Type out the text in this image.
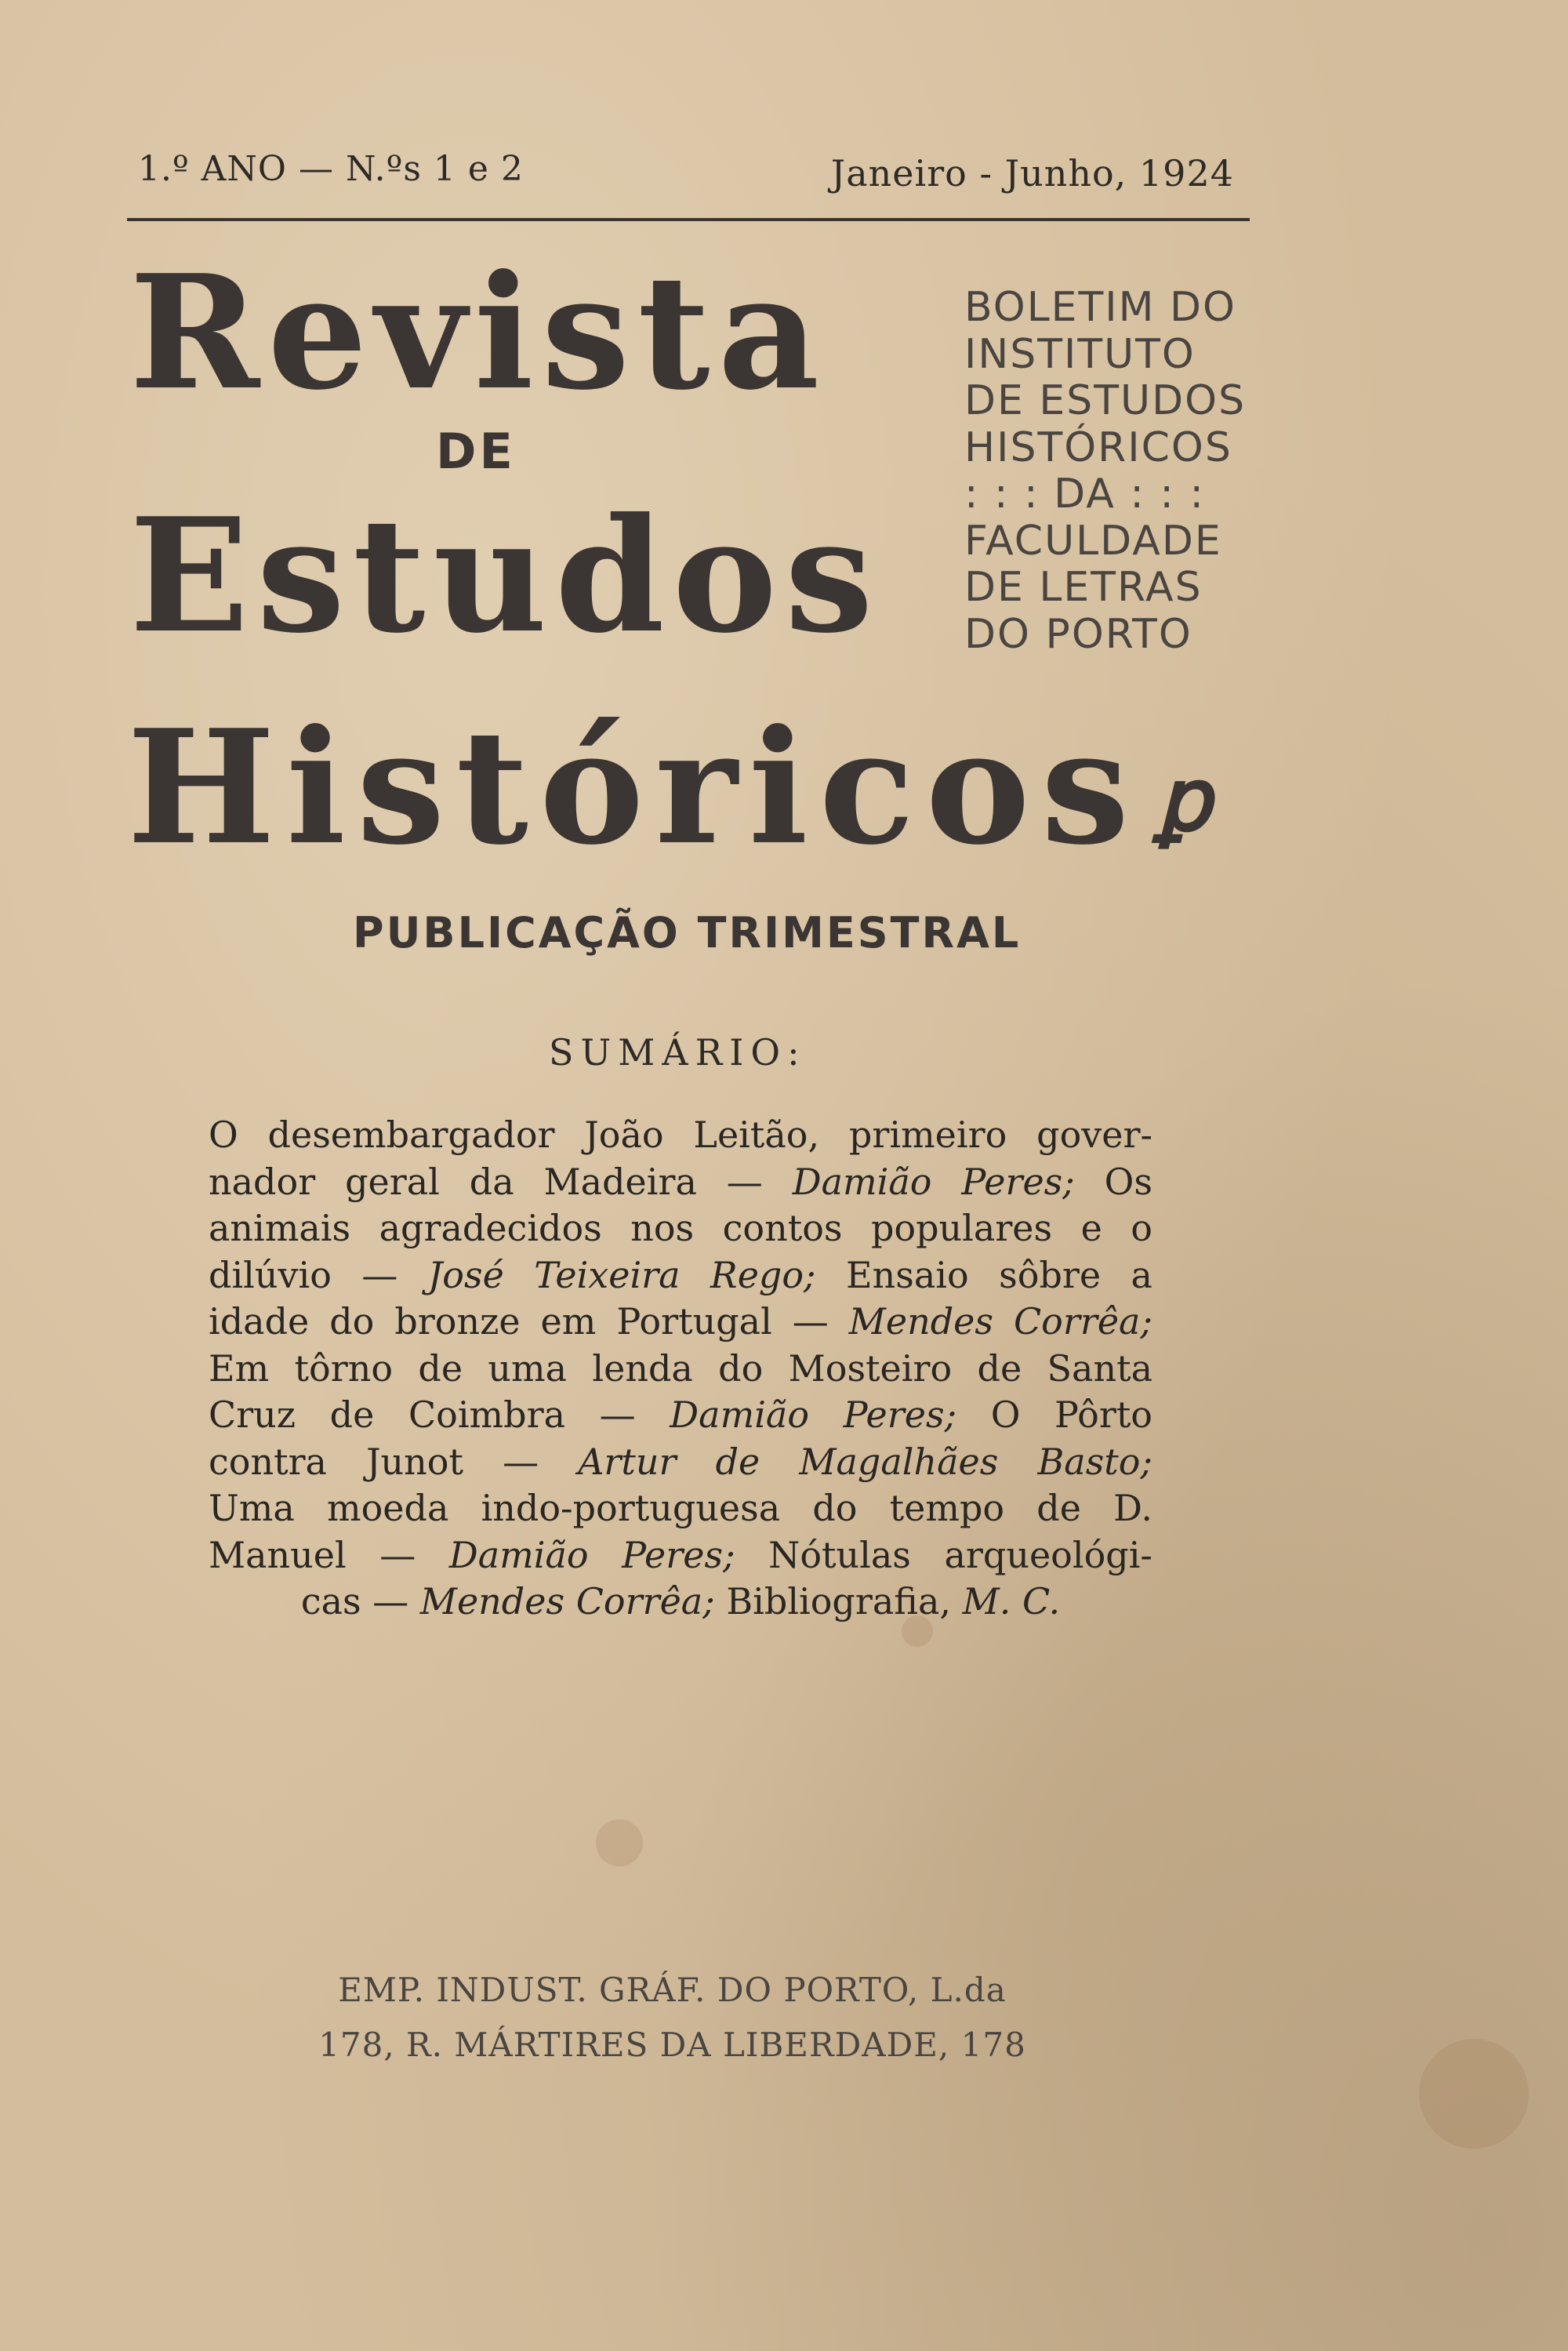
1.º ANO — N.ºs 1 e 2	Janeiro - Junho, 1924
Revista
DE
Estudos
Históricos ꝑ
BOLETIM DO
INSTITUTO
DE ESTUDOS
HISTÓRICOS
: : : DA : : :
FACULDADE
DE LETRAS
DO PORTO
PUBLICAÇÃO TRIMESTRAL
SUMÁRIO:
O desembargador João Leitão, primeiro gover-
nador geral da Madeira — Damião Peres; Os
animais agradecidos nos contos populares e o
dilúvio — José Teixeira Rego; Ensaio sôbre a
idade do bronze em Portugal — Mendes Corrêa;
Em tôrno de uma lenda do Mosteiro de Santa
Cruz de Coimbra — Damião Peres; O Pôrto
contra Junot — Artur de Magalhães Basto;
Uma moeda indo-portuguesa do tempo de D.
Manuel — Damião Peres; Nótulas arqueológi-
cas — Mendes Corrêa; Bibliografia, M. C.
EMP. INDUST. GRÁF. DO PORTO, L.da
178, R. MÁRTIRES DA LIBERDADE, 178
